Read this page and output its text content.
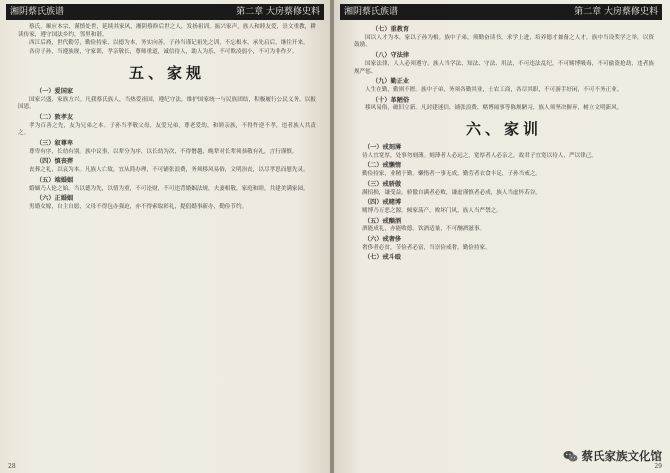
湘阴蔡氏族谱	第二章 大房蔡修史料

蔡氏，顺应本宗，谨慎处世，延续其家风，湘阴蔡修后世之人，发扬祖训，振兴家声，族人和睦友爱，崇文重教，耕读传家，遵守国法乡约，邻里和谐。

西江后裔，世代勤劳，勤俭持家，以德为本，务实向善，子孙当谨记祖先之训，不忘根本，承先启后，继往开来。

各房子孙，当遵族规，守家训，孝亲敬长，尊师重道，诚信待人，助人为乐，不可欺凌弱小，不可为非作歹。

五、家规
（一）爱国家

国家兴盛，家族方兴。凡我蔡氏族人，当热爱祖国，遵纪守法，维护国家统一与民族团结，积极履行公民义务，以报国恩。

（二）敦孝友

孝为百善之先，友为兄弟之本。子孙当孝敬父母，友爱兄弟，尊老爱幼，和睦亲族，不得忤逆不孝，违者族人共责之。

（三）叙尊卑

尊卑有序，长幼有别。族中议事，以辈分为序，以长幼为次，不得僭越，晚辈对长辈须恭敬有礼，言行谨慎。

（四）慎丧葬

丧葬之礼，以哀为本。凡族人亡故，宜从简办理，不可铺张浪费，务须移风易俗，文明治丧，以尽孝思而慰先灵。

（五）端婚姻

婚姻乃人伦之始，当以德为先，以情为重，不可论财，不可违背婚姻法规，夫妻相敬，家庭和睦，共建美满家园。

（六）正婚姻

男婚女嫁，自主自愿，父母不得包办强迫，亦不得索取彩礼，提倡婚事新办，勤俭节约。

28
湘阴蔡氏族谱	第二章 大房蔡修史料
（七）重教育

国以人才为本，家以子孙为根。族中子弟，须勤奋读书，求学上进，培养德才兼备之人才，族中当设奖学之举，以资鼓励。

（八）守法律

国家法律，人人必须遵守。族人当学法、知法、守法、用法，不可违法乱纪，不可赌博吸毒，不可偷盗抢劫，违者族规严惩。

（九）勤正业

人生在勤，勤则不匮。族中子弟，务须各勤其业，士农工商，各尽其职，不可游手好闲，不可不务正业。

（十）革陋俗

移风易俗，破旧立新。凡封建迷信、铺张浪费、赌博闹事等陈规陋习，族人须坚决摒弃，树立文明新风。

六、家训
（一）戒刻薄

待人宜宽厚，处事勿刻薄。刻薄者人必远之，宽厚者人必亲之，故君子宜宽以待人，严以律己。

（二）戒懒惰

勤俭持家，业精于勤。懒惰者一事无成，勤劳者衣食丰足，子孙当戒之。

（三）戒骄傲

满招损，谦受益。骄傲自满者必败，谦虚谨慎者必成，族人当虚怀若谷。

（四）戒赌博

赌博乃万恶之源，倾家荡产，败坏门风，族人当严禁之。

（五）戒酗酒

酒能成礼，亦能败德。饮酒适量，不可酗酒滋事。

（六）戒奢侈

奢侈者必贫，节俭者必富，当崇俭戒奢，勤俭持家。

（七）戒斗殴
29
蔡氏家族文化馆
